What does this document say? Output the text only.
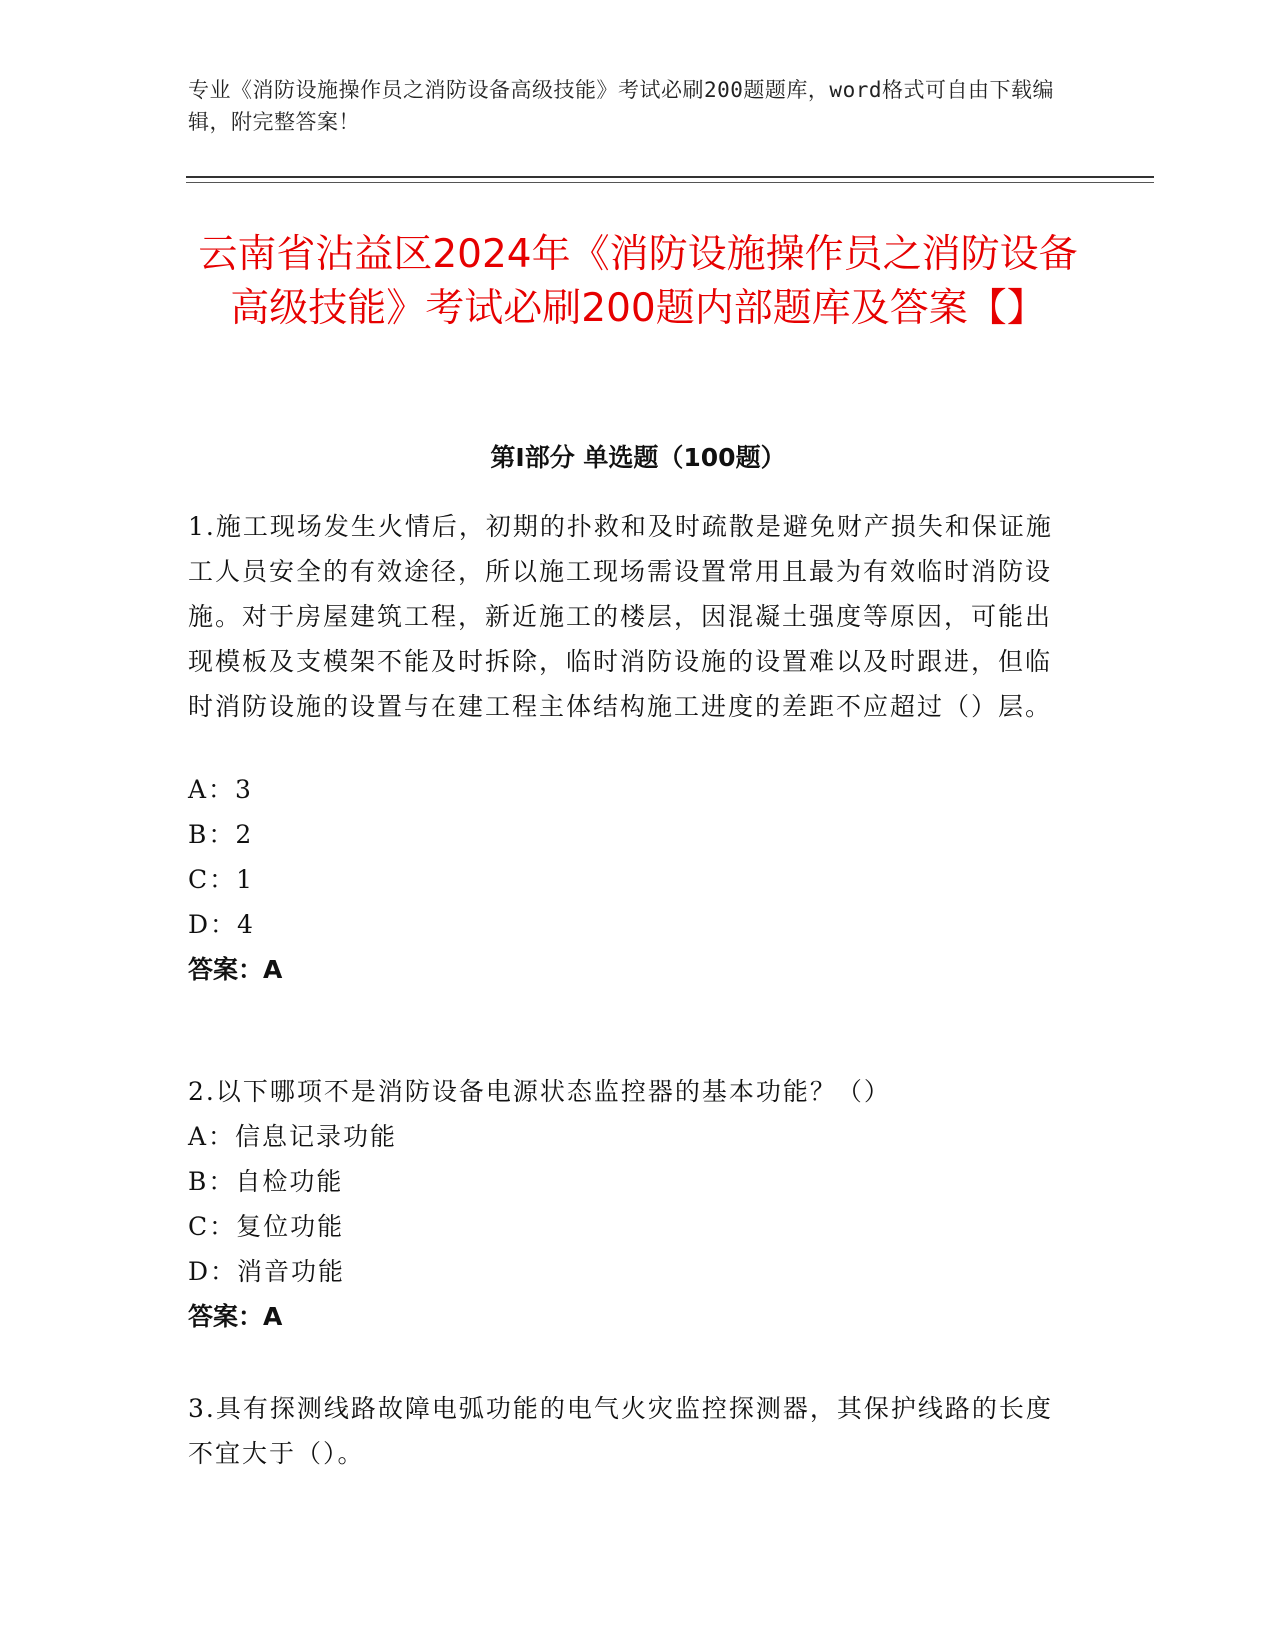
专业《消防设施操作员之消防设备高级技能》考试必刷200题题库，word格式可自由下载编辑，附完整答案！
云南省沾益区2024年《消防设施操作员之消防设备高级技能》考试必刷200题内部题库及答案【】
第I部分 单选题（100题）
1.施工现场发生火情后，初期的扑救和及时疏散是避免财产损失和保证施工人员安全的有效途径，所以施工现场需设置常用且最为有效临时消防设施。对于房屋建筑工程，新近施工的楼层，因混凝土强度等原因，可能出现模板及支模架不能及时拆除，临时消防设施的设置难以及时跟进，但临时消防设施的设置与在建工程主体结构施工进度的差距不应超过（）层。
A：3
B：2
C：1
D：4
答案：A
2.以下哪项不是消防设备电源状态监控器的基本功能？（）
A：信息记录功能
B：自检功能
C：复位功能
D：消音功能
答案：A
3.具有探测线路故障电弧功能的电气火灾监控探测器，其保护线路的长度不宜大于（）。
